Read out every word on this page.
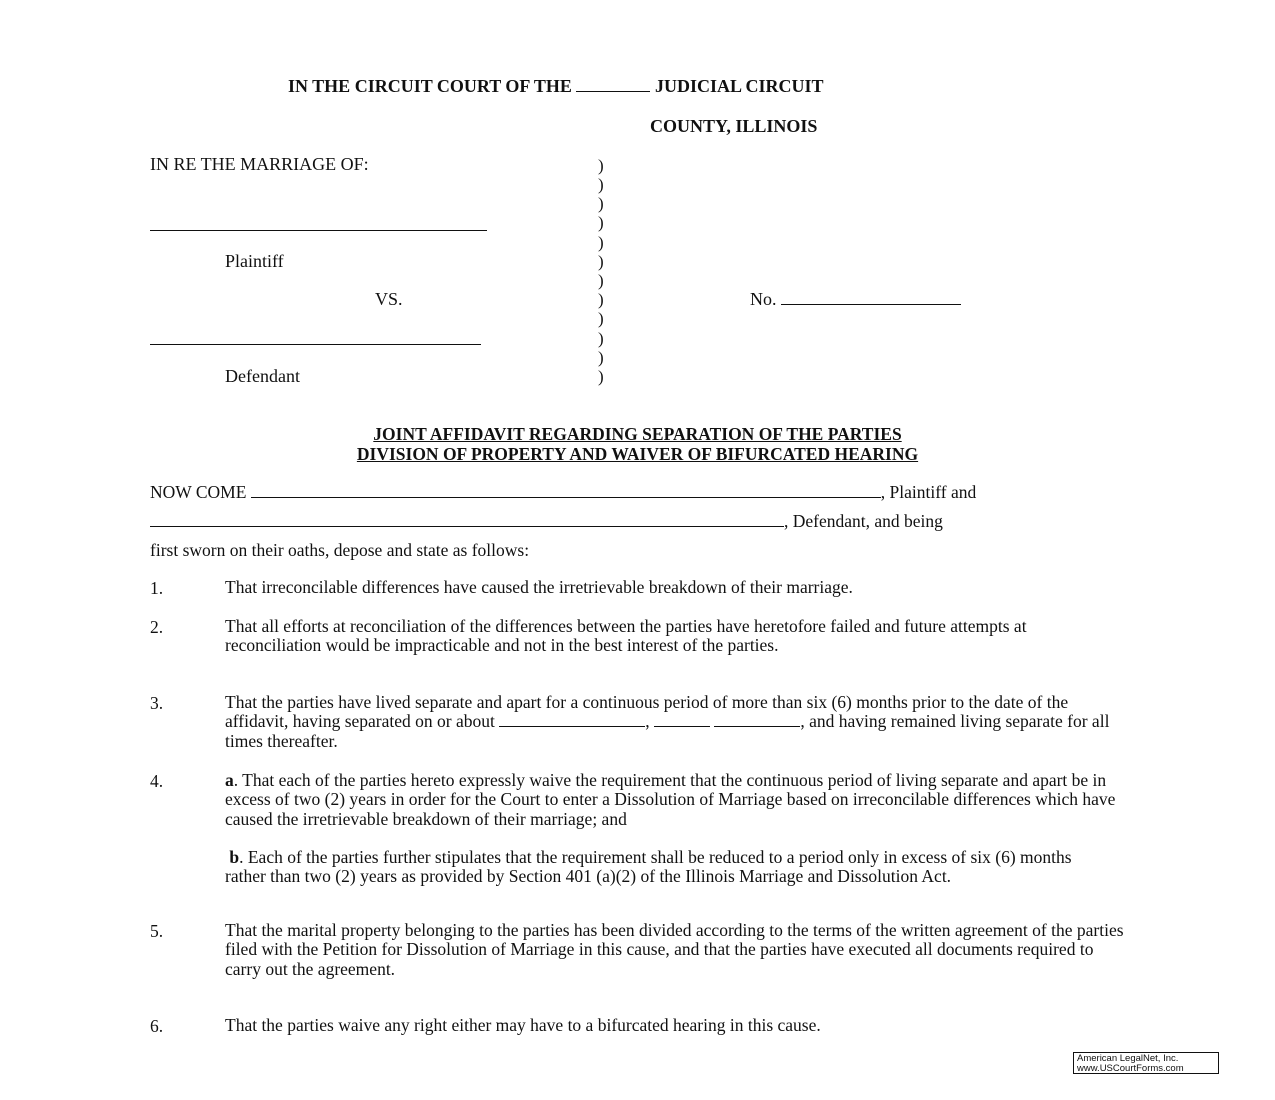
IN THE CIRCUIT COURT OF THE	JUDICIAL CIRCUIT
COUNTY, ILLINOIS
IN RE THE MARRIAGE OF:
Plaintiff
VS.
Defendant
)
)
)
)
)
)
)
)
)
)
)
)
No.
JOINT AFFIDAVIT REGARDING SEPARATION OF THE PARTIES
DIVISION OF PROPERTY AND WAIVER OF BIFURCATED HEARING
NOW COME	, Plaintiff and
, Defendant, and being
first sworn on their oaths, depose and state as follows:
1.	That irreconcilable differences have caused the irretrievable breakdown of their marriage.
2.	That all efforts at reconciliation of the differences between the parties have heretofore failed and future attempts at reconciliation would be impracticable and not in the best interest of the parties.
3.	That the parties have lived separate and apart for a continuous period of more than six (6) months prior to the date of the affidavit, having separated on or about	,	, and having remained living separate for all times thereafter.
4.	a. That each of the parties hereto expressly waive the requirement that the continuous period of living separate and apart be in excess of two (2) years in order for the Court to enter a Dissolution of Marriage based on irreconcilable differences which have caused the irretrievable breakdown of their marriage; and
b. Each of the parties further stipulates that the requirement shall be reduced to a period only in excess of six (6) months rather than two (2) years as provided by Section 401 (a)(2) of the Illinois Marriage and Dissolution Act.
5.	That the marital property belonging to the parties has been divided according to the terms of the written agreement of the parties filed with the Petition for Dissolution of Marriage in this cause, and that the parties have executed all documents required to carry out the agreement.
6.	That the parties waive any right either may have to a bifurcated hearing in this cause.
American LegalNet, Inc.
www.USCourtForms.com
